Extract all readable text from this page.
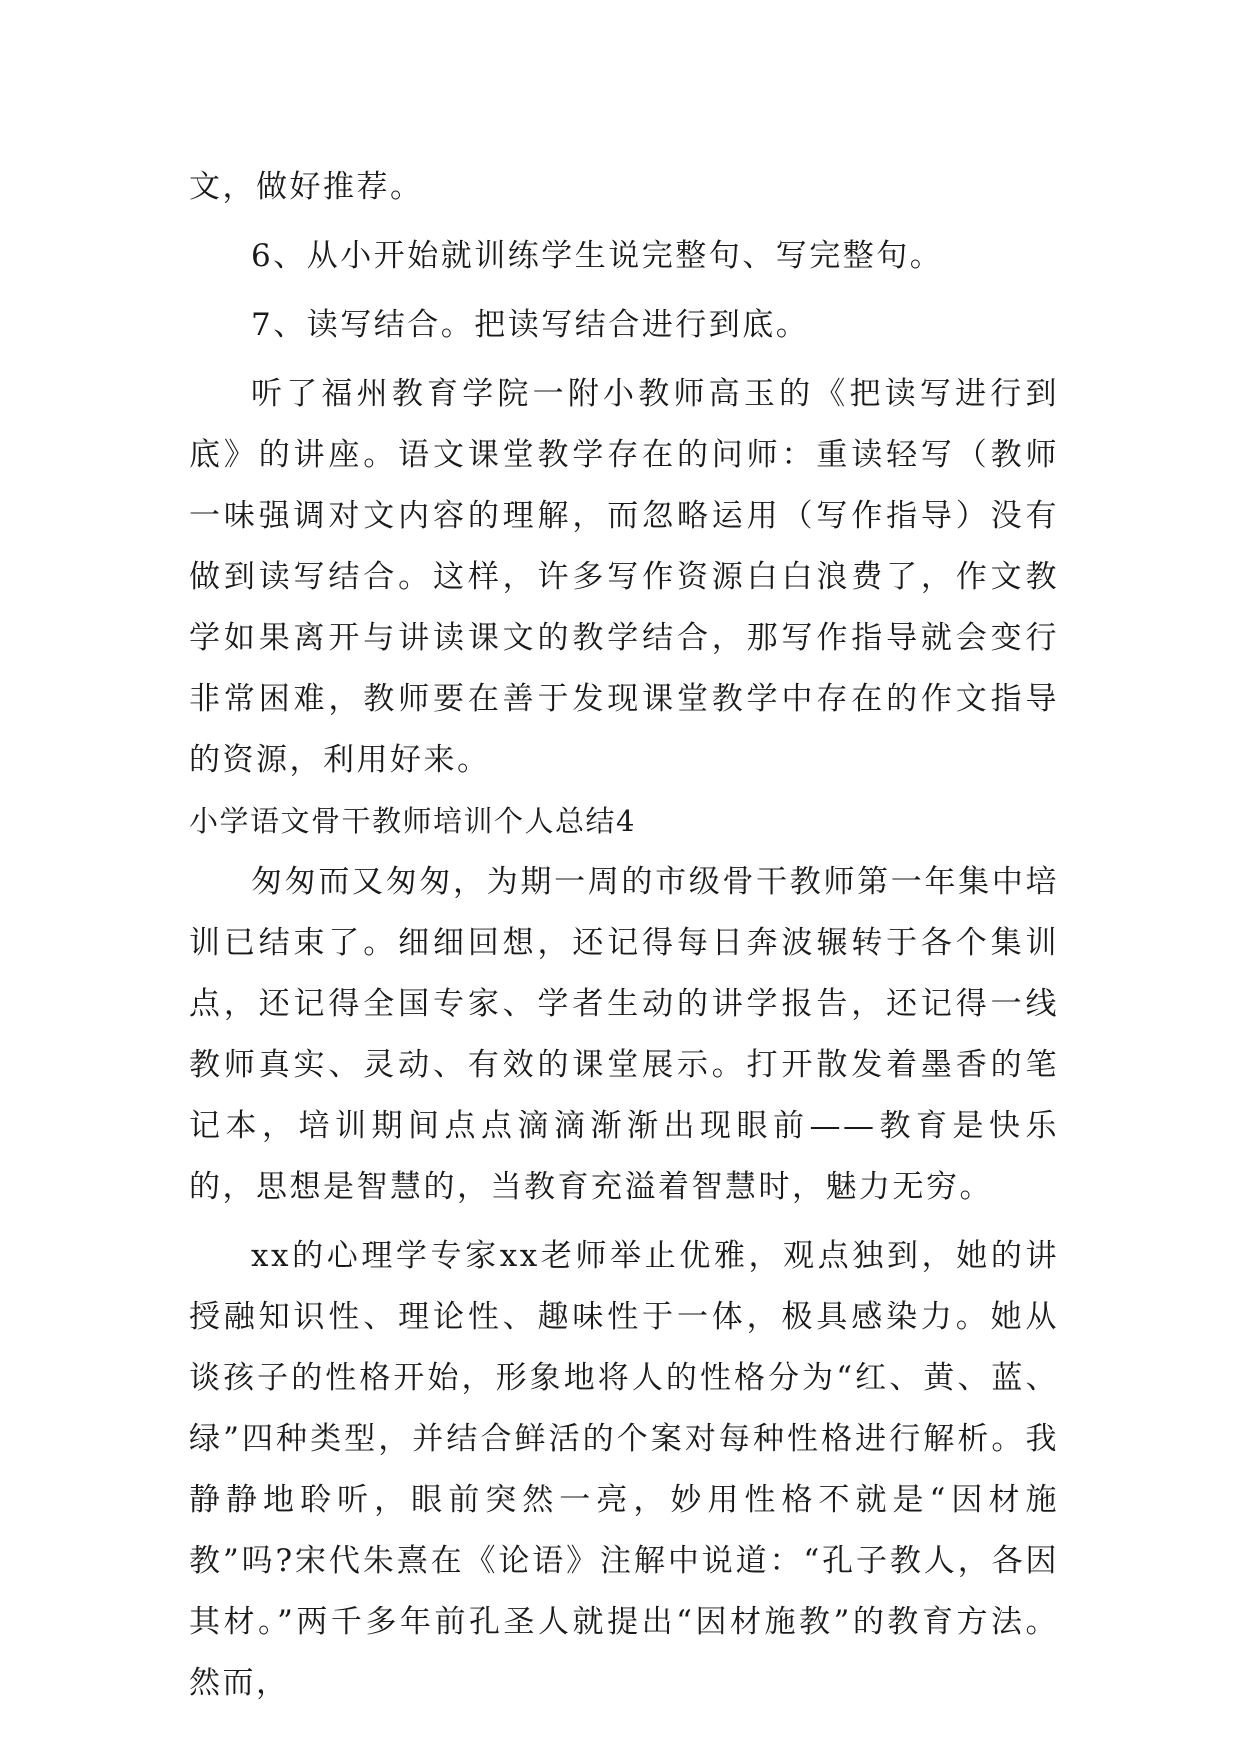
文，做好推荐。

6、从小开始就训练学生说完整句、写完整句。

7、读写结合。把读写结合进行到底。

听了福州教育学院一附小教师高玉的《把读写进行到底》的讲座。语文课堂教学存在的问师：重读轻写（教师一味强调对文内容的理解，而忽略运用（写作指导）没有做到读写结合。这样，许多写作资源白白浪费了，作文教学如果离开与讲读课文的教学结合，那写作指导就会变行非常困难，教师要在善于发现课堂教学中存在的作文指导的资源，利用好来。

小学语文骨干教师培训个人总结4

匆匆而又匆匆，为期一周的市级骨干教师第一年集中培训已结束了。细细回想，还记得每日奔波辗转于各个集训点，还记得全国专家、学者生动的讲学报告，还记得一线教师真实、灵动、有效的课堂展示。打开散发着墨香的笔记本，培训期间点点滴滴渐渐出现眼前——教育是快乐的，思想是智慧的，当教育充溢着智慧时，魅力无穷。

xx的心理学专家xx老师举止优雅，观点独到，她的讲授融知识性、理论性、趣味性于一体，极具感染力。她从谈孩子的性格开始，形象地将人的性格分为“红、黄、蓝、绿”四种类型，并结合鲜活的个案对每种性格进行解析。我静静地聆听，眼前突然一亮，妙用性格不就是“因材施教”吗?宋代朱熹在《论语》注解中说道：“孔子教人，各因其材。”两千多年前孔圣人就提出“因材施教”的教育方法。然而，
